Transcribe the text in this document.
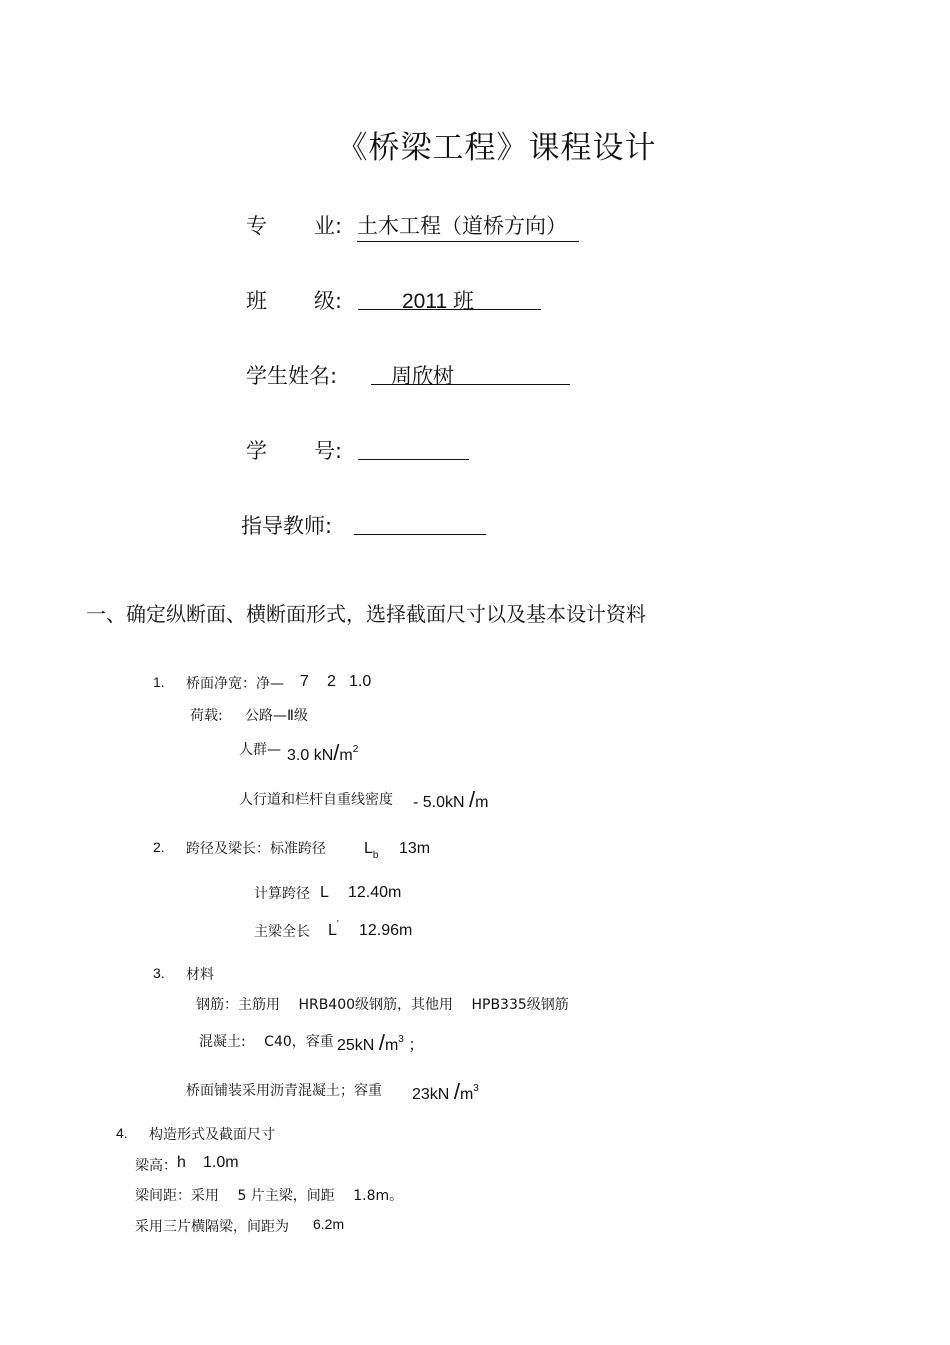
《桥梁工程》课程设计
专 业: 土木工程（道桥方向）
班 级:	2011 班
学生姓名:	周欣树
学 号:
指导教师:
一、确定纵断面、横断面形式，选择截面尺寸以及基本设计资料
1. 桥面净宽：净— 7 2 1.0
荷载: 公路—Ⅱ级
人群— 3.0 $kN/m^2$
人行道和栏杆自重线密度 - 5.0kN /m
2. 跨径及梁长：标准跨径 $L_b$ 13m
计算跨径 L 12.40m
主梁全长 L' 12.96m
3. 材料
钢筋：主筋用　 HRB400级钢筋，其他用　 HPB335级钢筋
混凝土:　 C40，容重 25kN $/m^3$ ；
桥面铺装采用沥青混凝土；容重 23kN $/m^3$
4. 构造形式及截面尺寸
梁高： h 1.0m
梁间距：采用　 5 片主梁，间距　 1.8m。
采用三片横隔梁，间距为 6.2m
